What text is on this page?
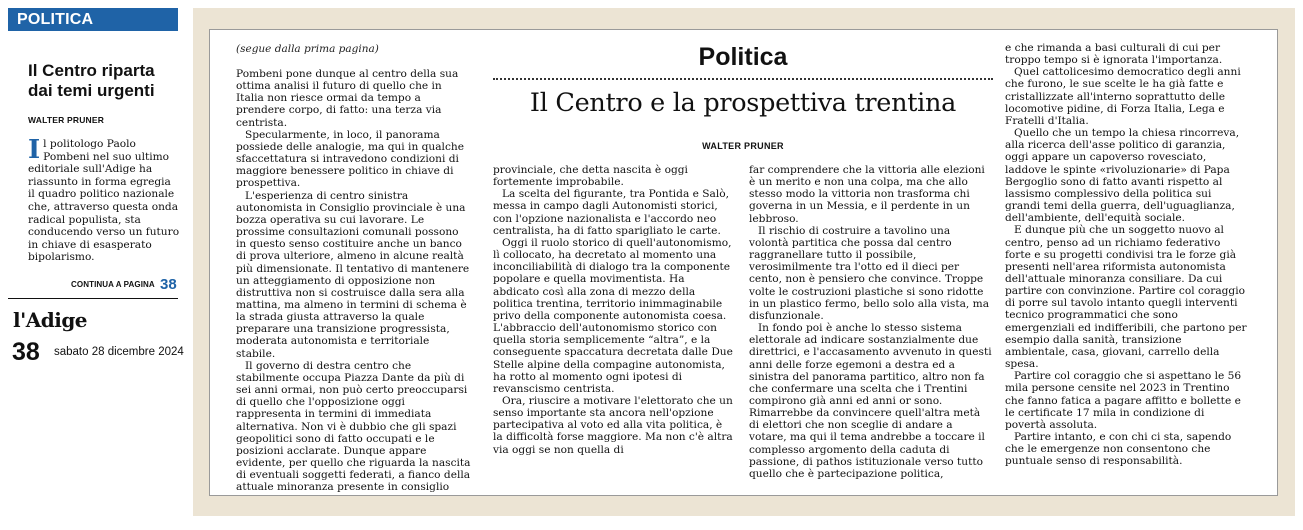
POLITICA
Il Centro riparta dai temi urgenti
WALTER PRUNER
Il politologo Paolo Pombeni nel suo ultimo editoriale sull'Adige ha riassunto in forma egregia il quadro politico nazionale che, attraverso questa onda radical populista, sta conducendo verso un futuro in chiave di esasperato bipolarismo.
CONTINUA A PAGINA 38
l'Adige
38 sabato 28 dicembre 2024
(segue dalla prima pagina)	Politica
Il Centro e la prospettiva trentina
WALTER PRUNER

Pombeni pone dunque al centro della sua ottima analisi il futuro di quello che in Italia non riesce ormai da tempo a prendere corpo, di fatto: una terza via centrista.

Specularmente, in loco, il panorama possiede delle analogie, ma qui in qualche sfaccettatura si intravedono condizioni di maggiore benessere politico in chiave di prospettiva.

L'esperienza di centro sinistra autonomista in Consiglio provinciale è una bozza operativa su cui lavorare. Le prossime consultazioni comunali possono in questo senso costituire anche un banco di prova ulteriore, almeno in alcune realtà più dimensionate. Il tentativo di mantenere un atteggiamento di opposizione non distruttiva non si costruisce dalla sera alla mattina, ma almeno in termini di schema è la strada giusta attraverso la quale preparare una transizione progressista, moderata autonomista e territoriale stabile.

Il governo di destra centro che stabilmente occupa Piazza Dante da più di sei anni ormai, non può certo preoccuparsi di quello che l'opposizione oggi rappresenta in termini di immediata alternativa. Non vi è dubbio che gli spazi geopolitici sono di fatto occupati e le posizioni acclarate. Dunque appare evidente, per quello che riguarda la nascita di eventuali soggetti federati, a fianco della attuale minoranza presente in consiglio

provinciale, che detta nascita è oggi fortemente improbabile.

La scelta del figurante, tra Pontida e Salò, messa in campo dagli Autonomisti storici, con l'opzione nazionalista e l'accordo neo centralista, ha di fatto sparigliato le carte.

Oggi il ruolo storico di quell'autonomismo, lì collocato, ha decretato al momento una inconciliabilità di dialogo tra la componente popolare e quella movimentista. Ha abdicato così alla zona di mezzo della politica trentina, territorio inimmaginabile privo della componente autonomista coesa.

L'abbraccio dell'autonomismo storico con quella storia semplicemente “altra”, e la conseguente spaccatura decretata dalle Due Stelle alpine della compagine autonomista, ha rotto al momento ogni ipotesi di revanscismo centrista.

Ora, riuscire a motivare l'elettorato che un senso importante sta ancora nell'opzione partecipativa al voto ed alla vita politica, è la difficoltà forse maggiore. Ma non c'è altra via oggi se non quella di

far comprendere che la vittoria alle elezioni è un merito e non una colpa, ma che allo stesso modo la vittoria non trasforma chi governa in un Messia, e il perdente in un lebbroso.

Il rischio di costruire a tavolino una volontà partitica che possa dal centro raggranellare tutto il possibile, verosimilmente tra l'otto ed il dieci per cento, non è pensiero che convince. Troppe volte le costruzioni plastiche si sono ridotte in un plastico fermo, bello solo alla vista, ma disfunzionale.

In fondo poi è anche lo stesso sistema elettorale ad indicare sostanzialmente due direttrici, e l'accasamento avvenuto in questi anni delle forze egemoni a destra ed a sinistra del panorama partitico, altro non fa che confermare una scelta che i Trentini compirono già anni ed anni or sono. Rimarrebbe da convincere quell'altra metà di elettori che non sceglie di andare a votare, ma qui il tema andrebbe a toccare il complesso argomento della caduta di passione, di pathos istituzionale verso tutto quello che è partecipazione politica,

e che rimanda a basi culturali di cui per troppo tempo si è ignorata l'importanza.

Quel cattolicesimo democratico degli anni che furono, le sue scelte le ha già fatte e cristallizzate all'interno soprattutto delle locomotive pidine, di Forza Italia, Lega e Fratelli d'Italia.

Quello che un tempo la chiesa rincorreva, alla ricerca dell'asse politico di garanzia, oggi appare un capoverso rovesciato, laddove le spinte «rivoluzionarie» di Papa Bergoglio sono di fatto avanti rispetto al lassismo complessivo della politica sui grandi temi della guerra, dell'uguaglianza, dell'ambiente, dell'equità sociale.

E dunque più che un soggetto nuovo al centro, penso ad un richiamo federativo forte e su progetti condivisi tra le forze già presenti nell'area riformista autonomista dell'attuale minoranza consiliare. Da cui partire con convinzione. Partire col coraggio di porre sul tavolo intanto quegli interventi tecnico programmatici che sono emergenziali ed indifferibili, che partono per esempio dalla sanità, transizione ambientale, casa, giovani, carrello della spesa.

Partire col coraggio che si aspettano le 56 mila persone censite nel 2023 in Trentino che fanno fatica a pagare affitto e bollette e le certificate 17 mila in condizione di povertà assoluta.

Partire intanto, e con chi ci sta, sapendo che le emergenze non consentono che puntuale senso di responsabilità.
